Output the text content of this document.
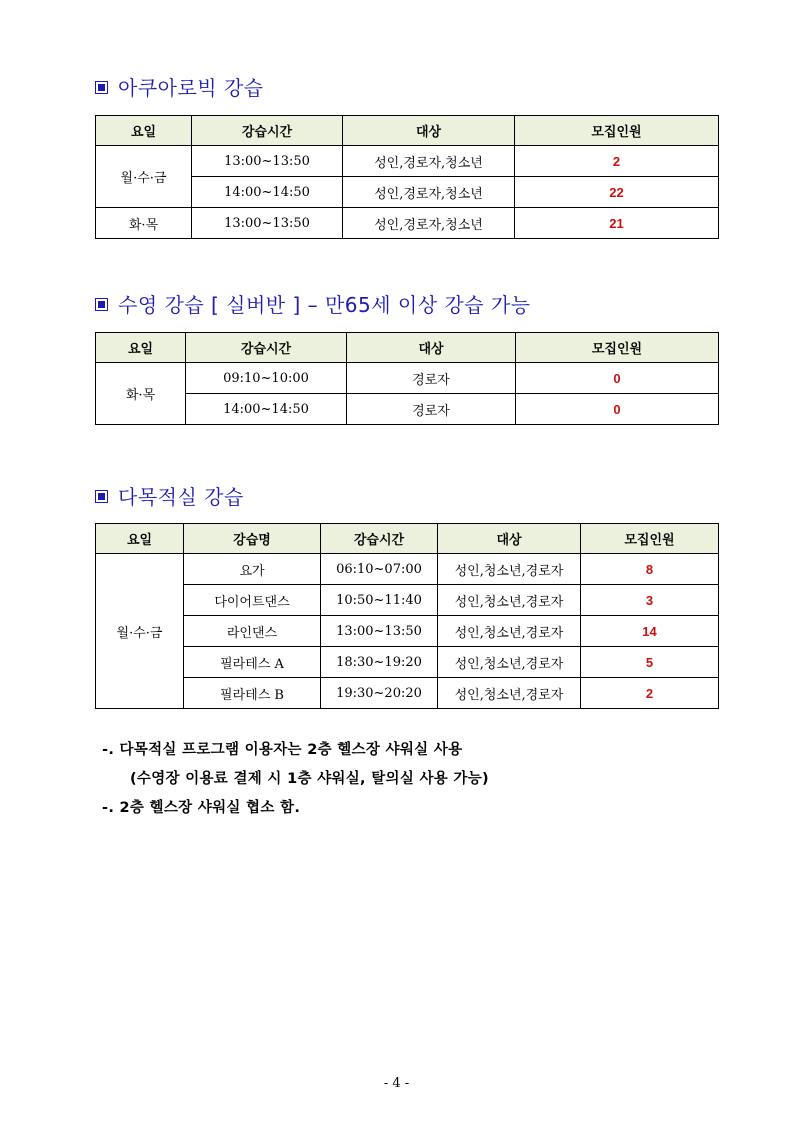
아쿠아로빅 강습
요일	강습시간	대상	모집인원
월·수·금	13:00~13:50	성인,경로자,청소년	2
	14:00~14:50	성인,경로자,청소년	22
화·목	13:00~13:50	성인,경로자,청소년	21
수영 강습 [ 실버반 ] – 만65세 이상 강습 가능
요일	강습시간	대상	모집인원
화·목	09:10~10:00	경로자	0
	14:00~14:50	경로자	0
다목적실 강습
요일	강습명	강습시간	대상	모집인원
월·수·금	요가	06:10~07:00	성인,청소년,경로자	8
	다이어트댄스	10:50~11:40	성인,청소년,경로자	3
	라인댄스	13:00~13:50	성인,청소년,경로자	14
	필라테스 A	18:30~19:20	성인,청소년,경로자	5
	필라테스 B	19:30~20:20	성인,청소년,경로자	2
-. 다목적실 프로그램 이용자는 2층 헬스장 샤워실 사용
(수영장 이용료 결제 시 1층 샤워실, 탈의실 사용 가능)
-. 2층 헬스장 샤워실 협소 함.
- 4 -
